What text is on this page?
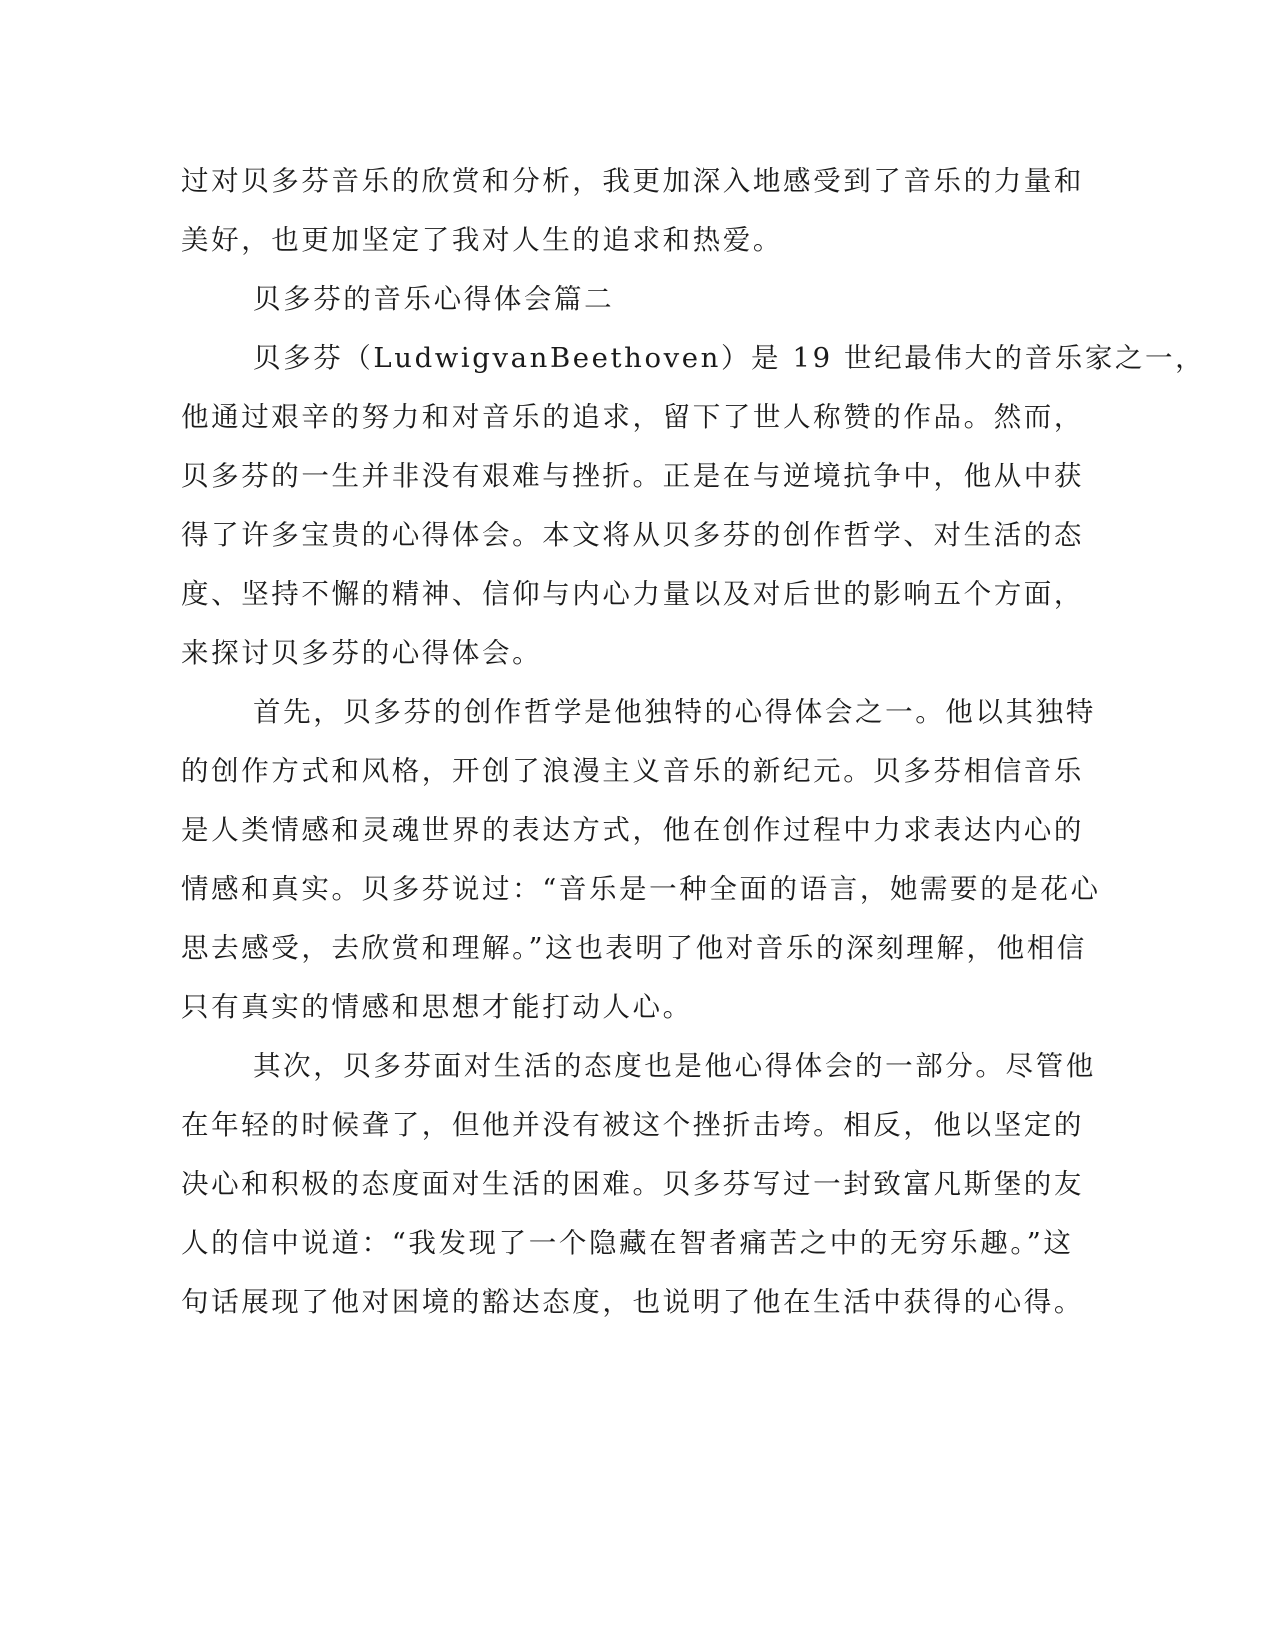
过对贝多芬音乐的欣赏和分析，我更加深入地感受到了音乐的力量和
美好，也更加坚定了我对人生的追求和热爱。
贝多芬的音乐心得体会篇二
贝多芬（LudwigvanBeethoven）是 19 世纪最伟大的音乐家之一，
他通过艰辛的努力和对音乐的追求，留下了世人称赞的作品。然而，
贝多芬的一生并非没有艰难与挫折。正是在与逆境抗争中，他从中获
得了许多宝贵的心得体会。本文将从贝多芬的创作哲学、对生活的态
度、坚持不懈的精神、信仰与内心力量以及对后世的影响五个方面，
来探讨贝多芬的心得体会。
首先，贝多芬的创作哲学是他独特的心得体会之一。他以其独特
的创作方式和风格，开创了浪漫主义音乐的新纪元。贝多芬相信音乐
是人类情感和灵魂世界的表达方式，他在创作过程中力求表达内心的
情感和真实。贝多芬说过：“音乐是一种全面的语言，她需要的是花心
思去感受，去欣赏和理解。”这也表明了他对音乐的深刻理解，他相信
只有真实的情感和思想才能打动人心。
其次，贝多芬面对生活的态度也是他心得体会的一部分。尽管他
在年轻的时候聋了，但他并没有被这个挫折击垮。相反，他以坚定的
决心和积极的态度面对生活的困难。贝多芬写过一封致富凡斯堡的友
人的信中说道：“我发现了一个隐藏在智者痛苦之中的无穷乐趣。”这
句话展现了他对困境的豁达态度，也说明了他在生活中获得的心得。
